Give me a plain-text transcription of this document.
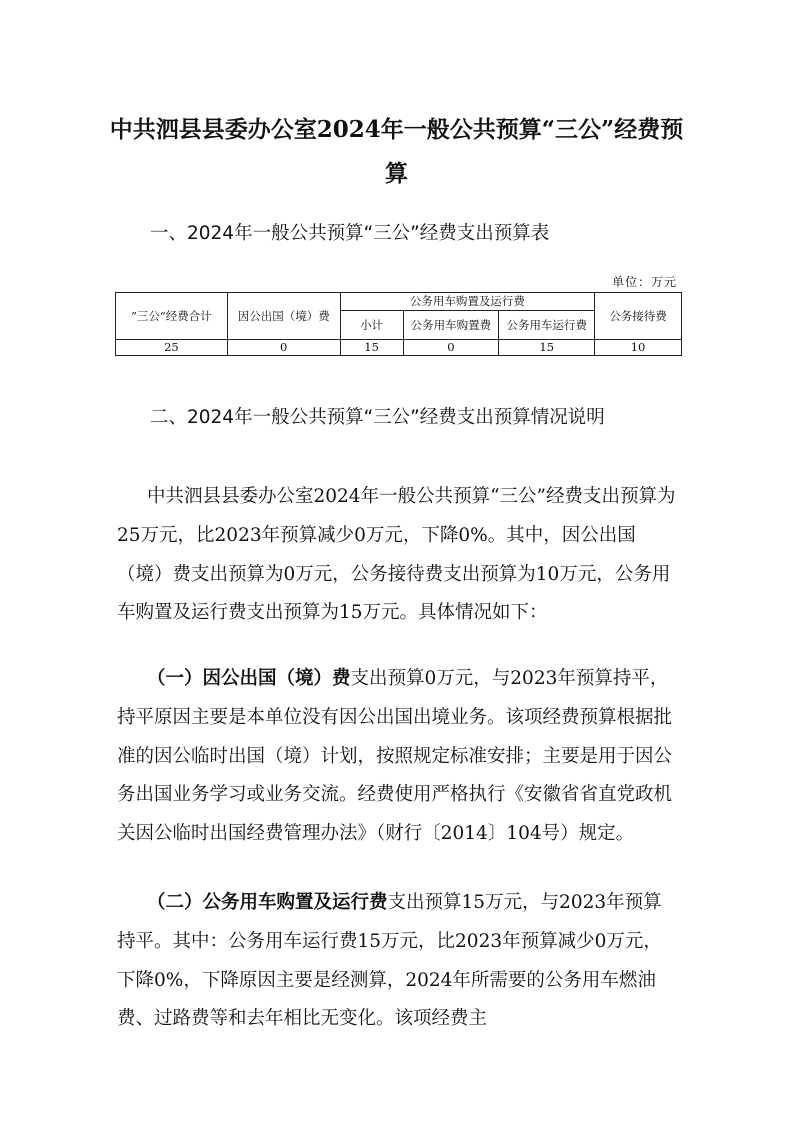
中共泗县县委办公室2024年一般公共预算“三公”经费预算
一、2024年一般公共预算“三公”经费支出预算表
单位：万元
”三公“经费合计	因公出国（境）费	公务用车购置及运行费			公务接待费
		小计	公务用车购置费	公务用车运行费	
25	0	15	0	15	10
二、2024年一般公共预算“三公”经费支出预算情况说明
中共泗县县委办公室2024年一般公共预算“三公”经费支出预算为25万元，比2023年预算减少0万元，下降0%。其中，因公出国（境）费支出预算为0万元，公务接待费支出预算为10万元，公务用车购置及运行费支出预算为15万元。具体情况如下：
（一）因公出国（境）费支出预算0万元，与2023年预算持平，持平原因主要是本单位没有因公出国出境业务。该项经费预算根据批准的因公临时出国（境）计划，按照规定标准安排；主要是用于因公务出国业务学习或业务交流。经费使用严格执行《安徽省省直党政机关因公临时出国经费管理办法》（财行〔2014〕104号）规定。
（二）公务用车购置及运行费支出预算15万元，与2023年预算持平。其中：公务用车运行费15万元，比2023年预算减少0万元，下降0%，下降原因主要是经测算，2024年所需要的公务用车燃油费、过路费等和去年相比无变化。该项经费主
